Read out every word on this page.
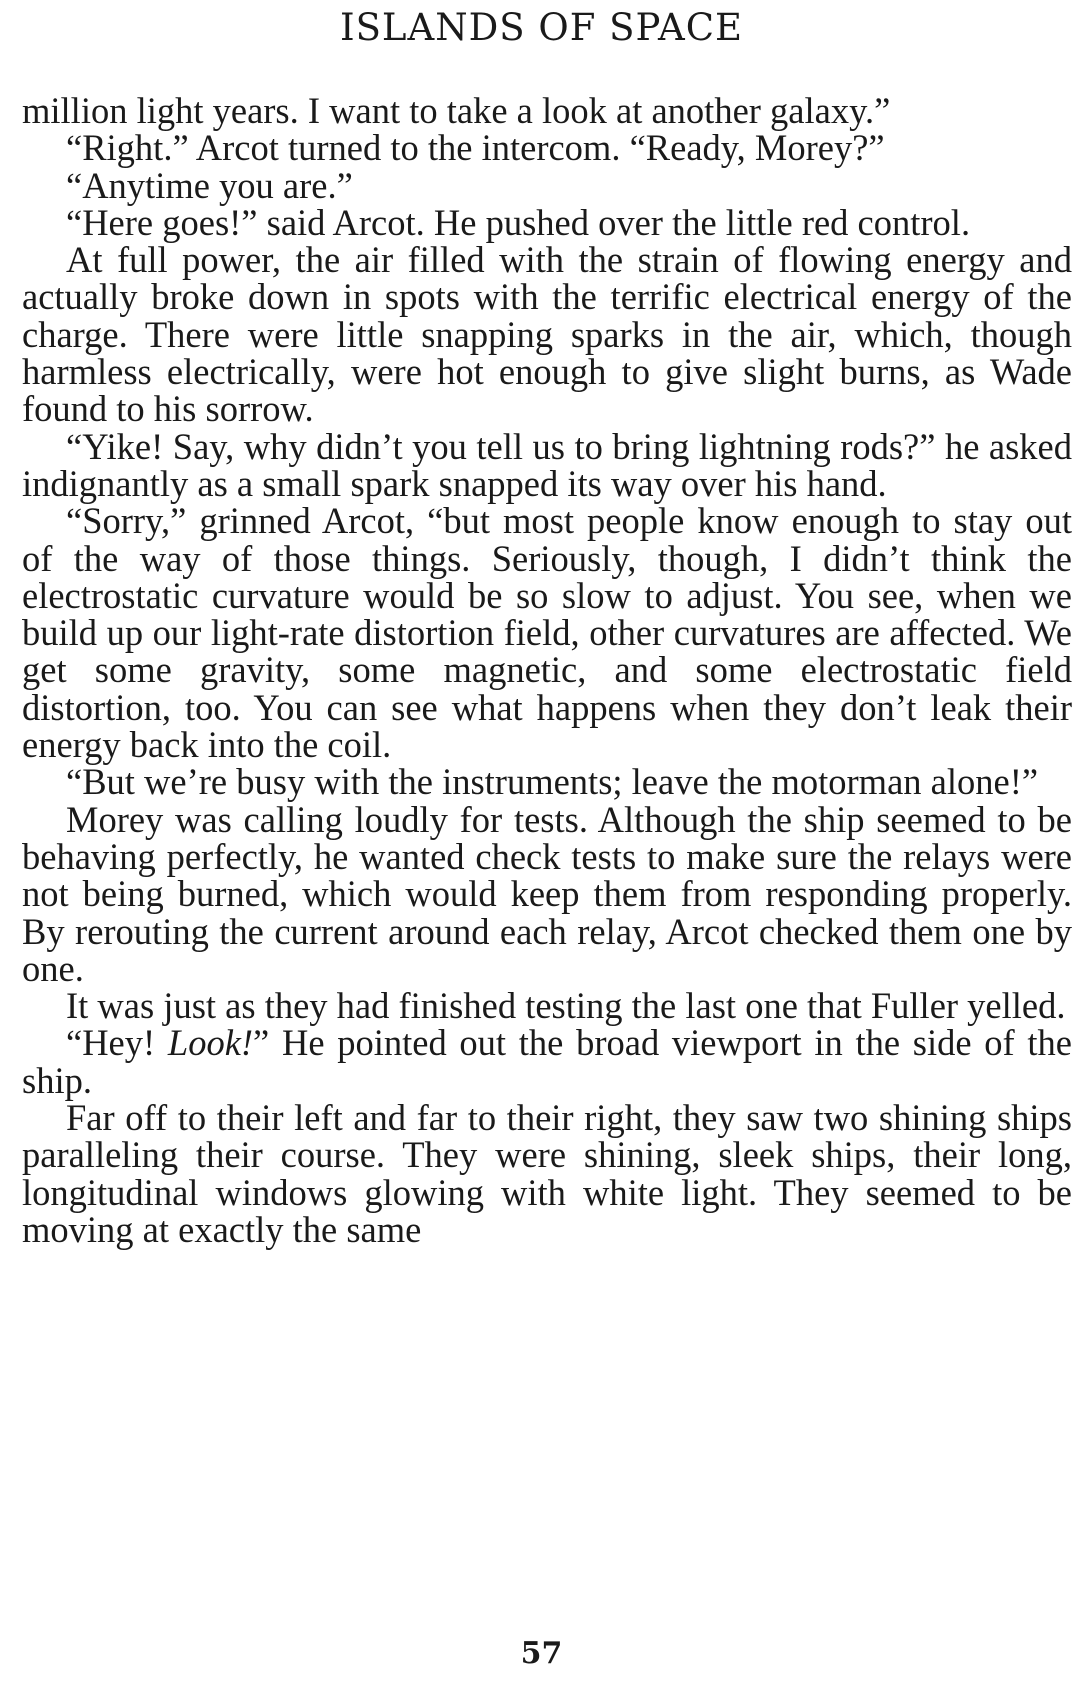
ISLANDS OF SPACE

million light years. I want to take a look at another galaxy.”

“Right.” Arcot turned to the intercom. “Ready, Morey?”

“Anytime you are.”

“Here goes!” said Arcot. He pushed over the little red control.

At full power, the air filled with the strain of flowing energy and actually broke down in spots with the terrific electrical energy of the charge. There were little snapping sparks in the air, which, though harmless electrically, were hot enough to give slight burns, as Wade found to his sorrow.

“Yike! Say, why didn’t you tell us to bring lightning rods?” he asked indignantly as a small spark snapped its way over his hand.

“Sorry,” grinned Arcot, “but most people know enough to stay out of the way of those things. Seriously, though, I didn’t think the electrostatic curvature would be so slow to adjust. You see, when we build up our light-rate distortion field, other curvatures are affected. We get some gravity, some magnetic, and some electrostatic field distortion, too. You can see what happens when they don’t leak their energy back into the coil.

“But we’re busy with the instruments; leave the motorman alone!”

Morey was calling loudly for tests. Although the ship seemed to be behaving perfectly, he wanted check tests to make sure the relays were not being burned, which would keep them from responding properly. By rerouting the current around each relay, Arcot checked them one by one.

It was just as they had finished testing the last one that Fuller yelled.

“Hey! Look!” He pointed out the broad viewport in the side of the ship.

Far off to their left and far to their right, they saw two shining ships paralleling their course. They were shining, sleek ships, their long, longitudinal windows glowing with white light. They seemed to be moving at exactly the same

57
